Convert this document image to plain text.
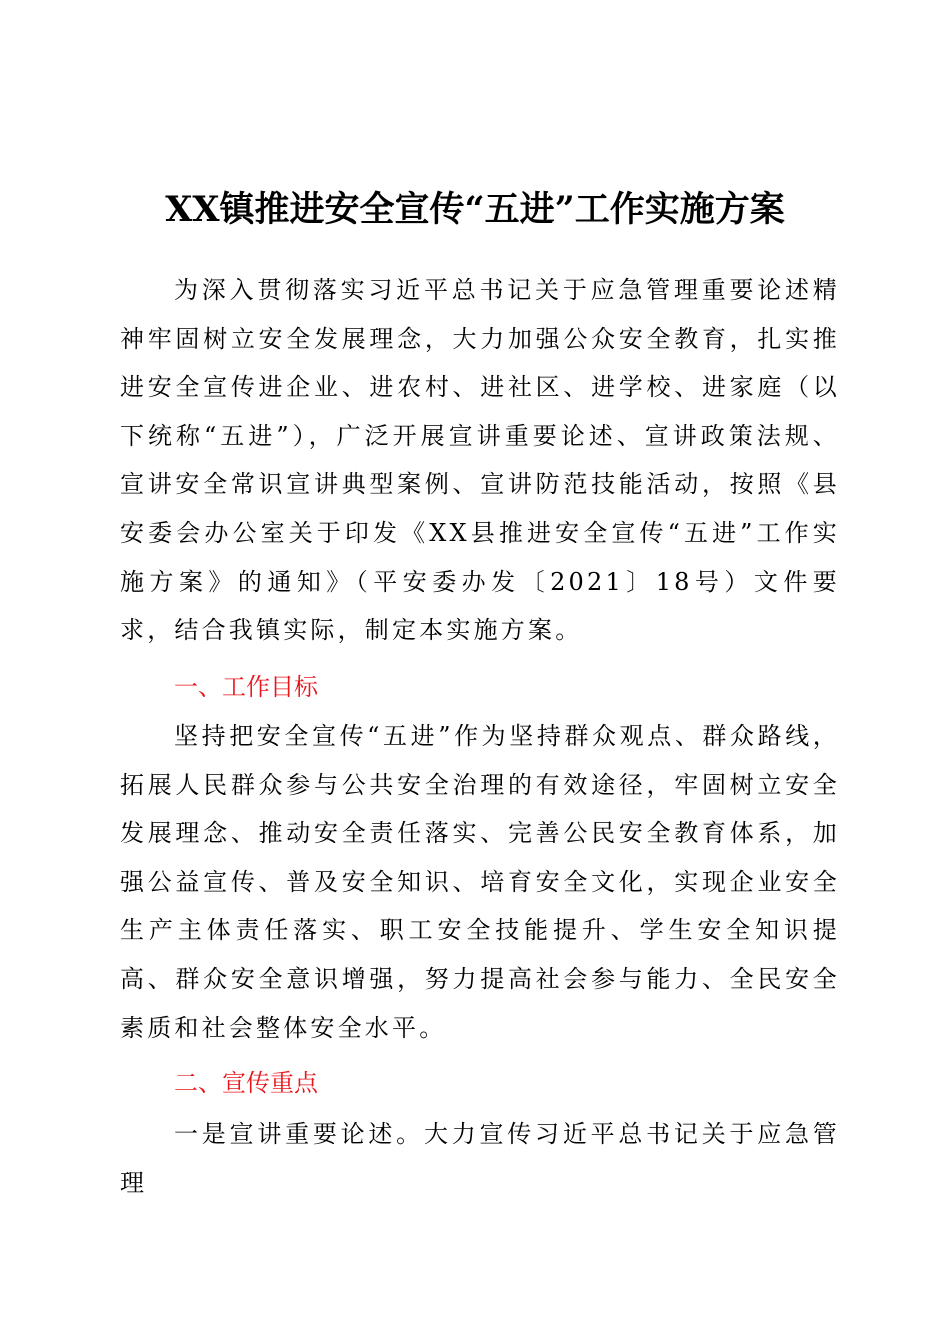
XX镇推进安全宣传“五进”工作实施方案

为深入贯彻落实习近平总书记关于应急管理重要论述精神牢固树立安全发展理念，大力加强公众安全教育，扎实推进安全宣传进企业、进农村、进社区、进学校、进家庭（以下统称“五进”），广泛开展宣讲重要论述、宣讲政策法规、宣讲安全常识宣讲典型案例、宣讲防范技能活动，按照《县安委会办公室关于印发《XX县推进安全宣传“五进”工作实施方案》的通知》（平安委办发〔2021〕18号）文件要求，结合我镇实际，制定本实施方案。

一、工作目标

坚持把安全宣传“五进”作为坚持群众观点、群众路线，拓展人民群众参与公共安全治理的有效途径，牢固树立安全发展理念、推动安全责任落实、完善公民安全教育体系，加强公益宣传、普及安全知识、培育安全文化，实现企业安全生产主体责任落实、职工安全技能提升、学生安全知识提高、群众安全意识增强，努力提高社会参与能力、全民安全素质和社会整体安全水平。

二、宣传重点

一是宣讲重要论述。大力宣传习近平总书记关于应急管理
